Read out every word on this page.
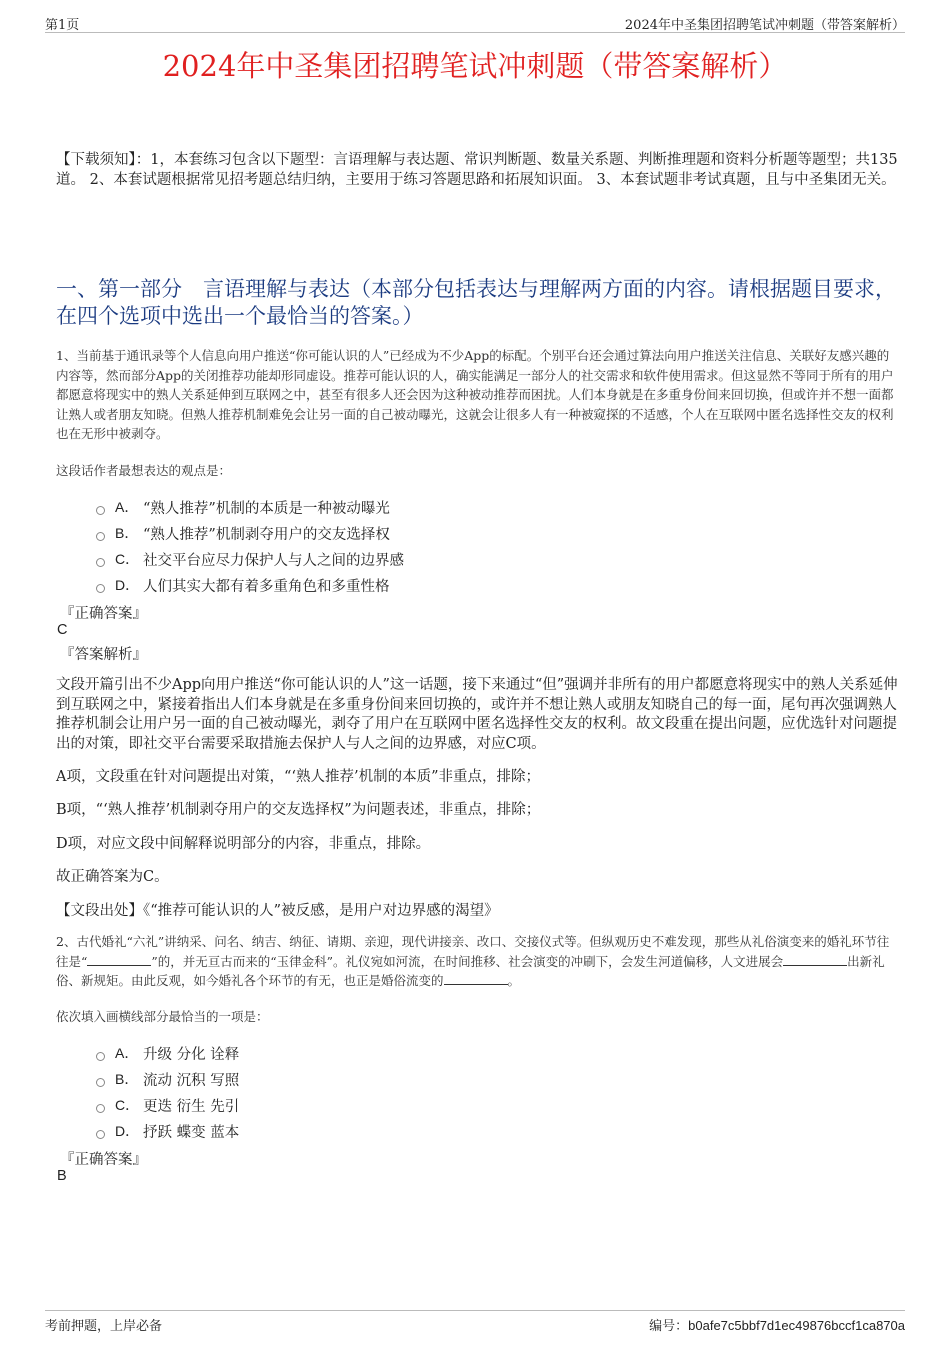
第1页	2024年中圣集团招聘笔试冲刺题（带答案解析）
2024年中圣集团招聘笔试冲刺题（带答案解析）
【下载须知】：1，本套练习包含以下题型：言语理解与表达题、常识判断题、数量关系题、判断推理题和资料分析题等题型；共135道。 2、本套试题根据常见招考题总结归纳，主要用于练习答题思路和拓展知识面。 3、本套试题非考试真题，且与中圣集团无关。
一、第一部分　言语理解与表达（本部分包括表达与理解两方面的内容。请根据题目要求，在四个选项中选出一个最恰当的答案。）
1、当前基于通讯录等个人信息向用户推送“你可能认识的人”已经成为不少App的标配。个别平台还会通过算法向用户推送关注信息、关联好友感兴趣的内容等，然而部分App的关闭推荐功能却形同虚设。推荐可能认识的人，确实能满足一部分人的社交需求和软件使用需求。但这显然不等同于所有的用户都愿意将现实中的熟人关系延伸到互联网之中，甚至有很多人还会因为这种被动推荐而困扰。人们本身就是在多重身份间来回切换，但或许并不想一面都让熟人或者朋友知晓。但熟人推荐机制难免会让另一面的自己被动曝光，这就会让很多人有一种被窥探的不适感，个人在互联网中匿名选择性交友的权利也在无形中被剥夺。
这段话作者最想表达的观点是：
A． “熟人推荐”机制的本质是一种被动曝光
B． “熟人推荐”机制剥夺用户的交友选择权
C． 社交平台应尽力保护人与人之间的边界感
D． 人们其实大都有着多重角色和多重性格
『正确答案』
C
『答案解析』
文段开篇引出不少App向用户推送“你可能认识的人”这一话题，接下来通过“但”强调并非所有的用户都愿意将现实中的熟人关系延伸到互联网之中，紧接着指出人们本身就是在多重身份间来回切换的，或许并不想让熟人或朋友知晓自己的每一面，尾句再次强调熟人推荐机制会让用户另一面的自己被动曝光，剥夺了用户在互联网中匿名选择性交友的权利。故文段重在提出问题，应优选针对问题提出的对策，即社交平台需要采取措施去保护人与人之间的边界感，对应C项。
A项，文段重在针对问题提出对策，“‘熟人推荐’机制的本质”非重点，排除；
B项，“‘熟人推荐’机制剥夺用户的交友选择权”为问题表述，非重点，排除；
D项，对应文段中间解释说明部分的内容，非重点，排除。
故正确答案为C。
【文段出处】《“推荐可能认识的人”被反感，是用户对边界感的渴望》
2、古代婚礼“六礼”讲纳采、问名、纳吉、纳征、请期、亲迎，现代讲接亲、改口、交接仪式等。但纵观历史不难发现，那些从礼俗演变来的婚礼环节往往是“	”的，并无亘古而来的“玉律金科”。礼仪宛如河流，在时间推移、社会演变的冲刷下，会发生河道偏移，人文进展会	出新礼俗、新规矩。由此反观，如今婚礼各个环节的有无，也正是婚俗流变的	。
依次填入画横线部分最恰当的一项是：
A． 升级 分化 诠释
B． 流动 沉积 写照
C． 更迭 衍生 先引
D． 抒跃 蝶变 蓝本
『正确答案』
B
考前押题，上岸必备	编号：b0afe7c5bbf7d1ec49876bccf1ca870a
